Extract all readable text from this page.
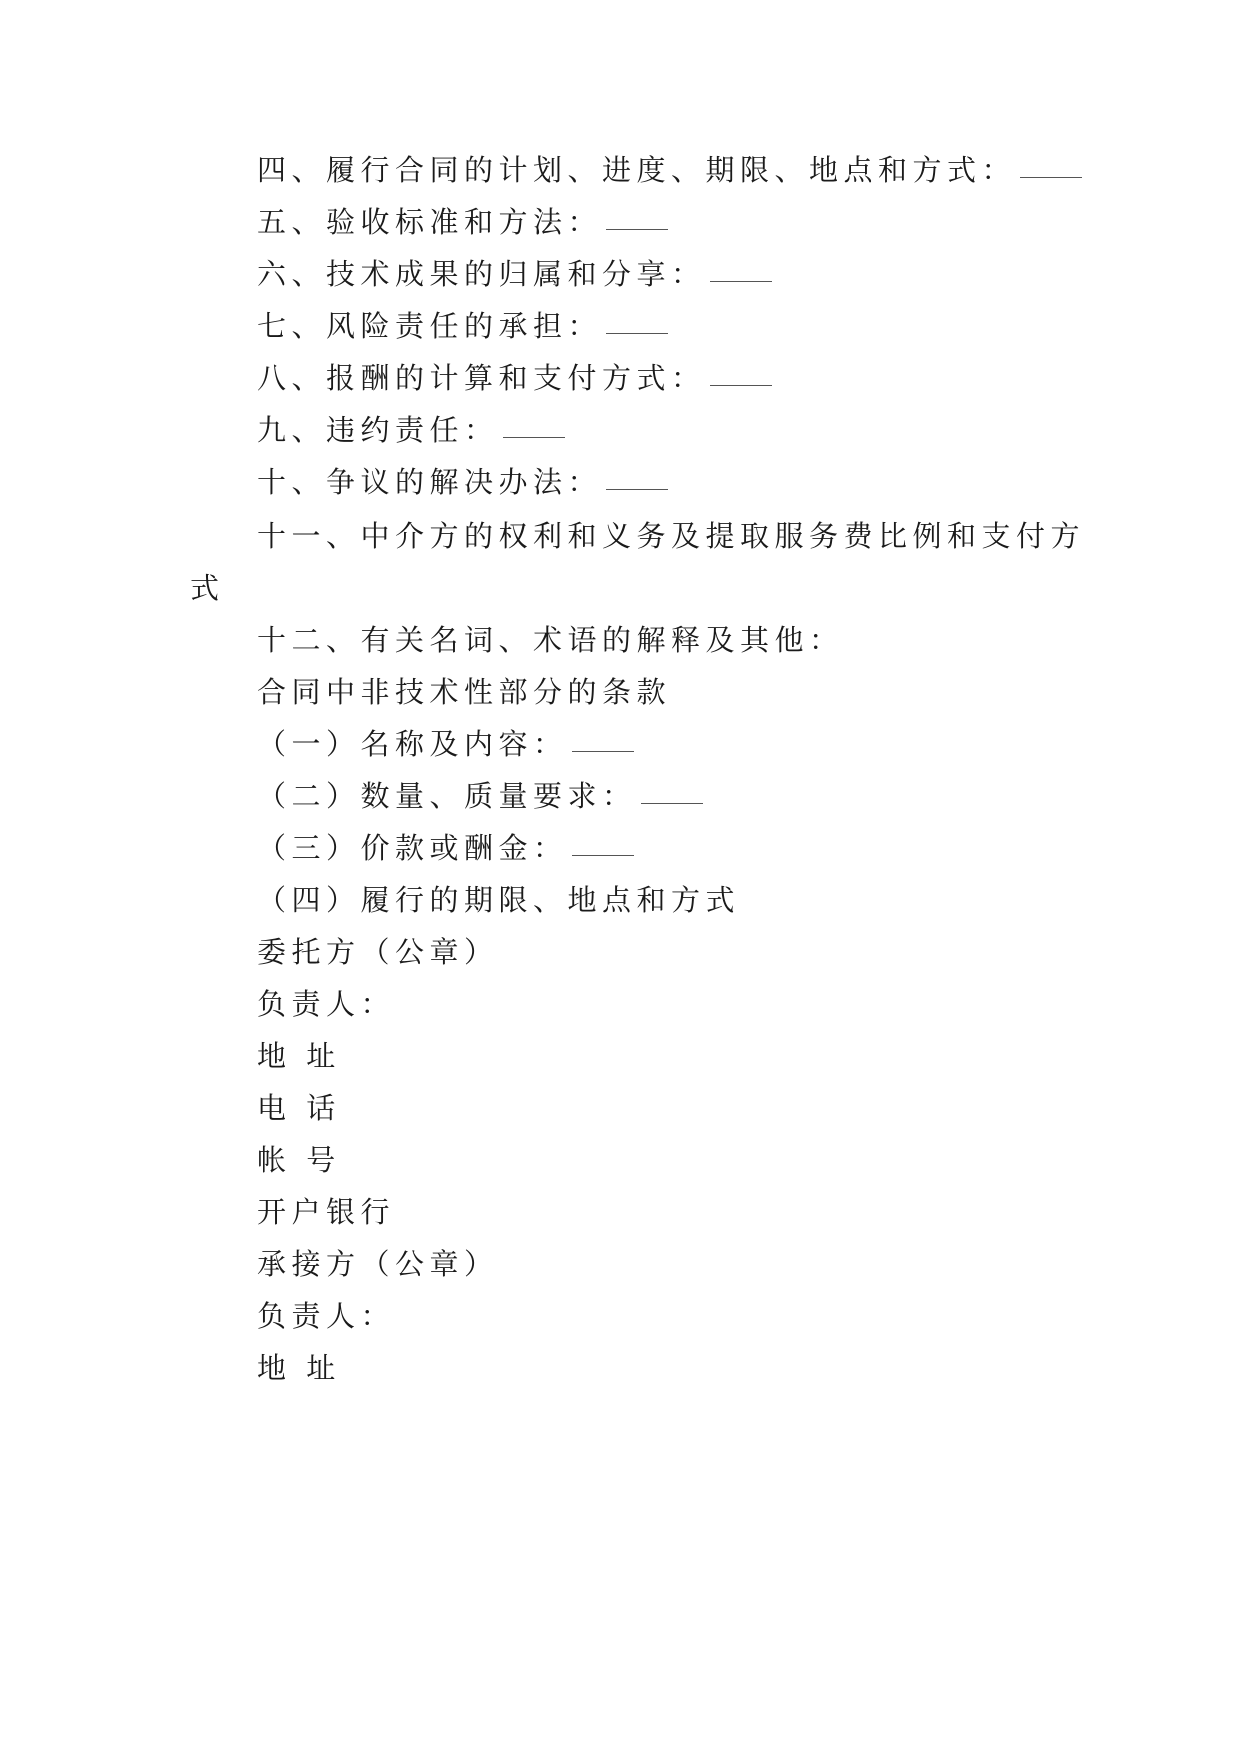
四、履行合同的计划、进度、期限、地点和方式：
五、验收标准和方法：
六、技术成果的归属和分享：
七、风险责任的承担：
八、报酬的计算和支付方式：
九、违约责任：
十、争议的解决办法：
十一、中介方的权利和义务及提取服务费比例和支付方
式
十二、有关名词、术语的解释及其他：
合同中非技术性部分的条款
（一）名称及内容：
（二）数量、质量要求：
（三）价款或酬金：
（四）履行的期限、地点和方式
委托方（公章）
负责人：
地 址
电 话
帐 号
开户银行
承接方（公章）
负责人：
地 址
